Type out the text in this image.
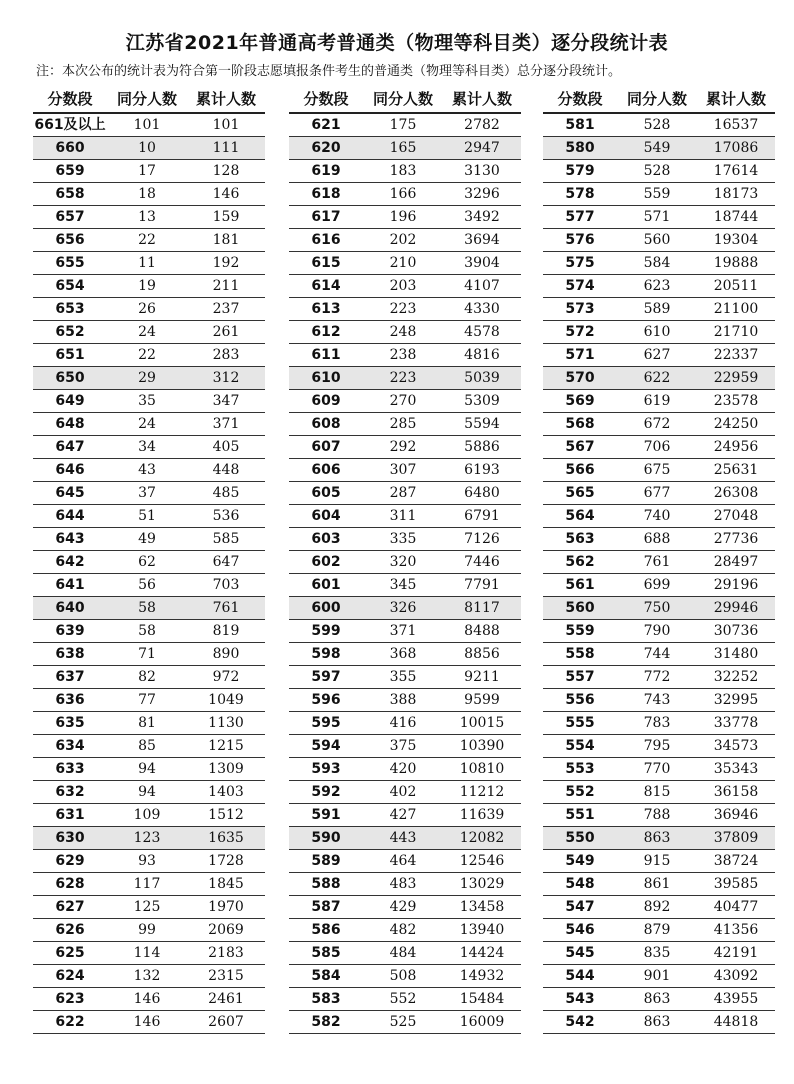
江苏省2021年普通高考普通类（物理等科目类）逐分段统计表
注：本次公布的统计表为符合第一阶段志愿填报条件考生的普通类（物理等科目类）总分逐分段统计。
分数段	同分人数	累计人数
661及以上	101	101
660	10	111
659	17	128
658	18	146
657	13	159
656	22	181
655	11	192
654	19	211
653	26	237
652	24	261
651	22	283
650	29	312
649	35	347
648	24	371
647	34	405
646	43	448
645	37	485
644	51	536
643	49	585
642	62	647
641	56	703
640	58	761
639	58	819
638	71	890
637	82	972
636	77	1049
635	81	1130
634	85	1215
633	94	1309
632	94	1403
631	109	1512
630	123	1635
629	93	1728
628	117	1845
627	125	1970
626	99	2069
625	114	2183
624	132	2315
623	146	2461
622	146	2607
分数段	同分人数	累计人数
621	175	2782
620	165	2947
619	183	3130
618	166	3296
617	196	3492
616	202	3694
615	210	3904
614	203	4107
613	223	4330
612	248	4578
611	238	4816
610	223	5039
609	270	5309
608	285	5594
607	292	5886
606	307	6193
605	287	6480
604	311	6791
603	335	7126
602	320	7446
601	345	7791
600	326	8117
599	371	8488
598	368	8856
597	355	9211
596	388	9599
595	416	10015
594	375	10390
593	420	10810
592	402	11212
591	427	11639
590	443	12082
589	464	12546
588	483	13029
587	429	13458
586	482	13940
585	484	14424
584	508	14932
583	552	15484
582	525	16009
分数段	同分人数	累计人数
581	528	16537
580	549	17086
579	528	17614
578	559	18173
577	571	18744
576	560	19304
575	584	19888
574	623	20511
573	589	21100
572	610	21710
571	627	22337
570	622	22959
569	619	23578
568	672	24250
567	706	24956
566	675	25631
565	677	26308
564	740	27048
563	688	27736
562	761	28497
561	699	29196
560	750	29946
559	790	30736
558	744	31480
557	772	32252
556	743	32995
555	783	33778
554	795	34573
553	770	35343
552	815	36158
551	788	36946
550	863	37809
549	915	38724
548	861	39585
547	892	40477
546	879	41356
545	835	42191
544	901	43092
543	863	43955
542	863	44818
